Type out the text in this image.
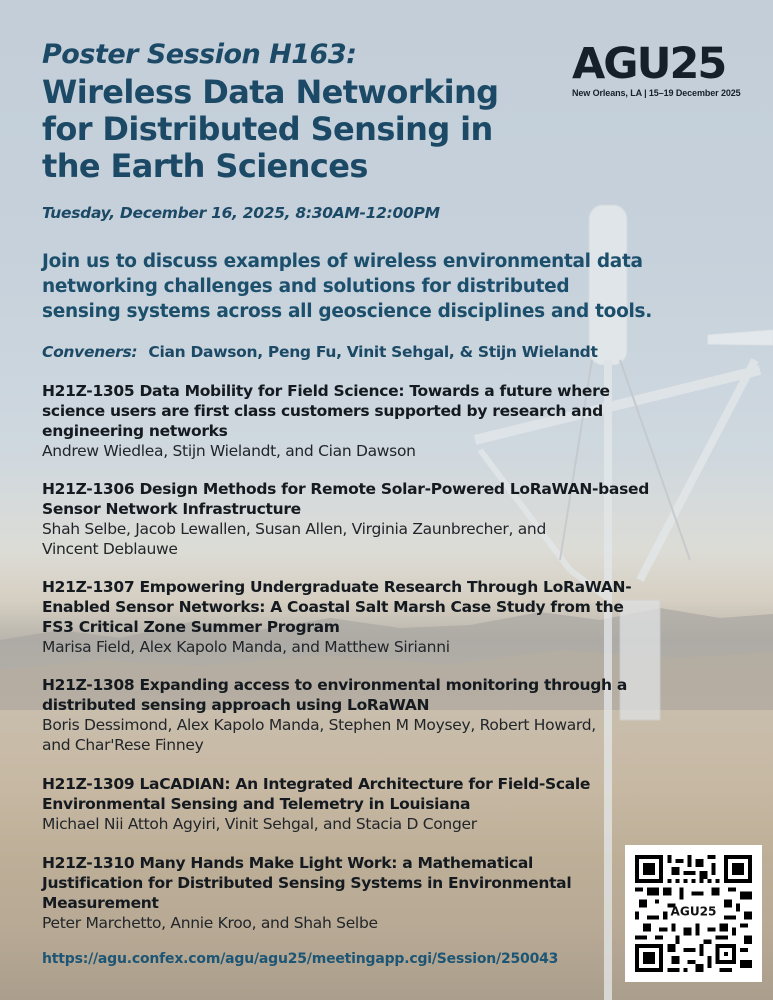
AGU25
New Orleans, LA | 15–19 December 2025
Poster Session H163:
Wireless Data Networking
for Distributed Sensing in
the Earth Sciences
Tuesday, December 16, 2025, 8:30AM-12:00PM
Join us to discuss examples of wireless environmental data
networking challenges and solutions for distributed
sensing systems across all geoscience disciplines and tools.
Conveners: Cian Dawson, Peng Fu, Vinit Sehgal, & Stijn Wielandt
H21Z-1305 Data Mobility for Field Science: Towards a future where
science users are first class customers supported by research and
engineering networks
Andrew Wiedlea, Stijn Wielandt, and Cian Dawson
H21Z-1306 Design Methods for Remote Solar-Powered LoRaWAN-based
Sensor Network Infrastructure
Shah Selbe, Jacob Lewallen, Susan Allen, Virginia Zaunbrecher, and
Vincent Deblauwe
H21Z-1307 Empowering Undergraduate Research Through LoRaWAN-
Enabled Sensor Networks: A Coastal Salt Marsh Case Study from the
FS3 Critical Zone Summer Program
Marisa Field, Alex Kapolo Manda, and Matthew Sirianni
H21Z-1308 Expanding access to environmental monitoring through a
distributed sensing approach using LoRaWAN
Boris Dessimond, Alex Kapolo Manda, Stephen M Moysey, Robert Howard,
and Char'Rese Finney
H21Z-1309 LaCADIAN: An Integrated Architecture for Field-Scale
Environmental Sensing and Telemetry in Louisiana
Michael Nii Attoh Agyiri, Vinit Sehgal, and Stacia D Conger
H21Z-1310 Many Hands Make Light Work: a Mathematical
Justification for Distributed Sensing Systems in Environmental
Measurement
Peter Marchetto, Annie Kroo, and Shah Selbe
https://agu.confex.com/agu/agu25/meetingapp.cgi/Session/250043
AGU25
